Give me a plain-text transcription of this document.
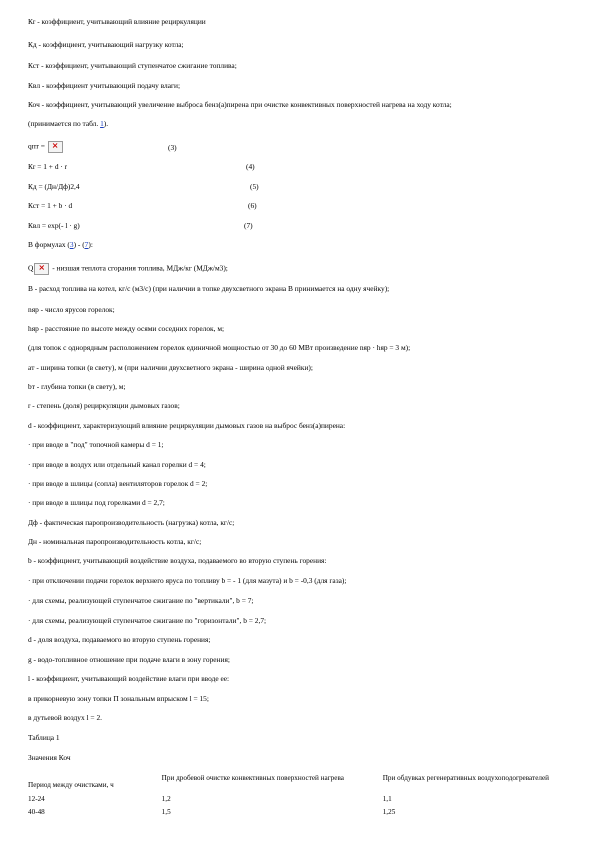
Кr - коэффициент, учитывающий влияние рециркуляции
Кд - коэффициент, учитывающий нагрузку котла;
Кст - коэффициент, учитывающий ступенчатое сжигание топлива;
Квл - коэффициент учитывающий подачу влаги;
Коч - коэффициент, учитывающий увеличение выброса бенз(а)пирена при очистке конвективных поверхностей нагрева на ходу котла;
(принимается по табл. 1).
qпт = ×	(3)
Кr = 1 + d · r	(4)
Кд = (Дн/Дф)2,4	(5)
Кст = 1 + b · d	(6)
Квл = exp(- l · g)	(7)
В формулах (3) - (7):
Q × - низшая теплота сгорания топлива, МДж/кг (МДж/м3);
B - расход топлива на котел, кг/с (м3/с) (при наличии в топке двухсветного экрана B принимается на одну ячейку);
nяр - число ярусов горелок;
hяр - расстояние по высоте между осями соседних горелок, м;
(для топок с однорядным расположением горелок единичной мощностью от 30 до 60 МВт произведение nяр · hяр = 3 м);
aт - ширина топки (в свету), м (при наличии двухсветного экрана - ширина одной ячейки);
bт - глубина топки (в свету), м;
r - степень (доля) рециркуляции дымовых газов;
d - коэффициент, характеризующий влияние рециркуляции дымовых газов на выброс бенз(а)пирена:
· при вводе в "под" топочной камеры d = 1;
· при вводе в воздух или отдельный канал горелки d = 4;
· при вводе в шлицы (сопла) вентиляторов горелок d = 2;
· при вводе в шлицы под горелками d = 2,7;
Дф - фактическая паропроизводительность (нагрузка) котла, кг/с;
Дн - номинальная паропроизводительность котла, кг/с;
b - коэффициент, учитывающий воздействие воздуха, подаваемого во вторую ступень горения:
· при отключении подачи горелок верхнего яруса по топливу b = - 1 (для мазута) и b = -0,3 (для газа);
· для схемы, реализующей ступенчатое сжигание по "вертикали", b = 7;
· для схемы, реализующей ступенчатое сжигание по "горизонтали", b = 2,7;
d - доля воздуха, подаваемого во вторую ступень горения;
g - водо-топливное отношение при подаче влаги в зону горения;
l - коэффициент, учитывающий воздействие влаги при вводе ее:
в прикорневую зону топки П зональным впрыском l = 15;
в дутьевой воздух l = 2.
Таблица 1
Значения Коч
Период между очистками, ч	При дробевой очистке конвективных поверхностей нагрева	При обдувках регенеративных воздухоподогревателей
12-24	1,2	1,1
40-48	1,5	1,25
